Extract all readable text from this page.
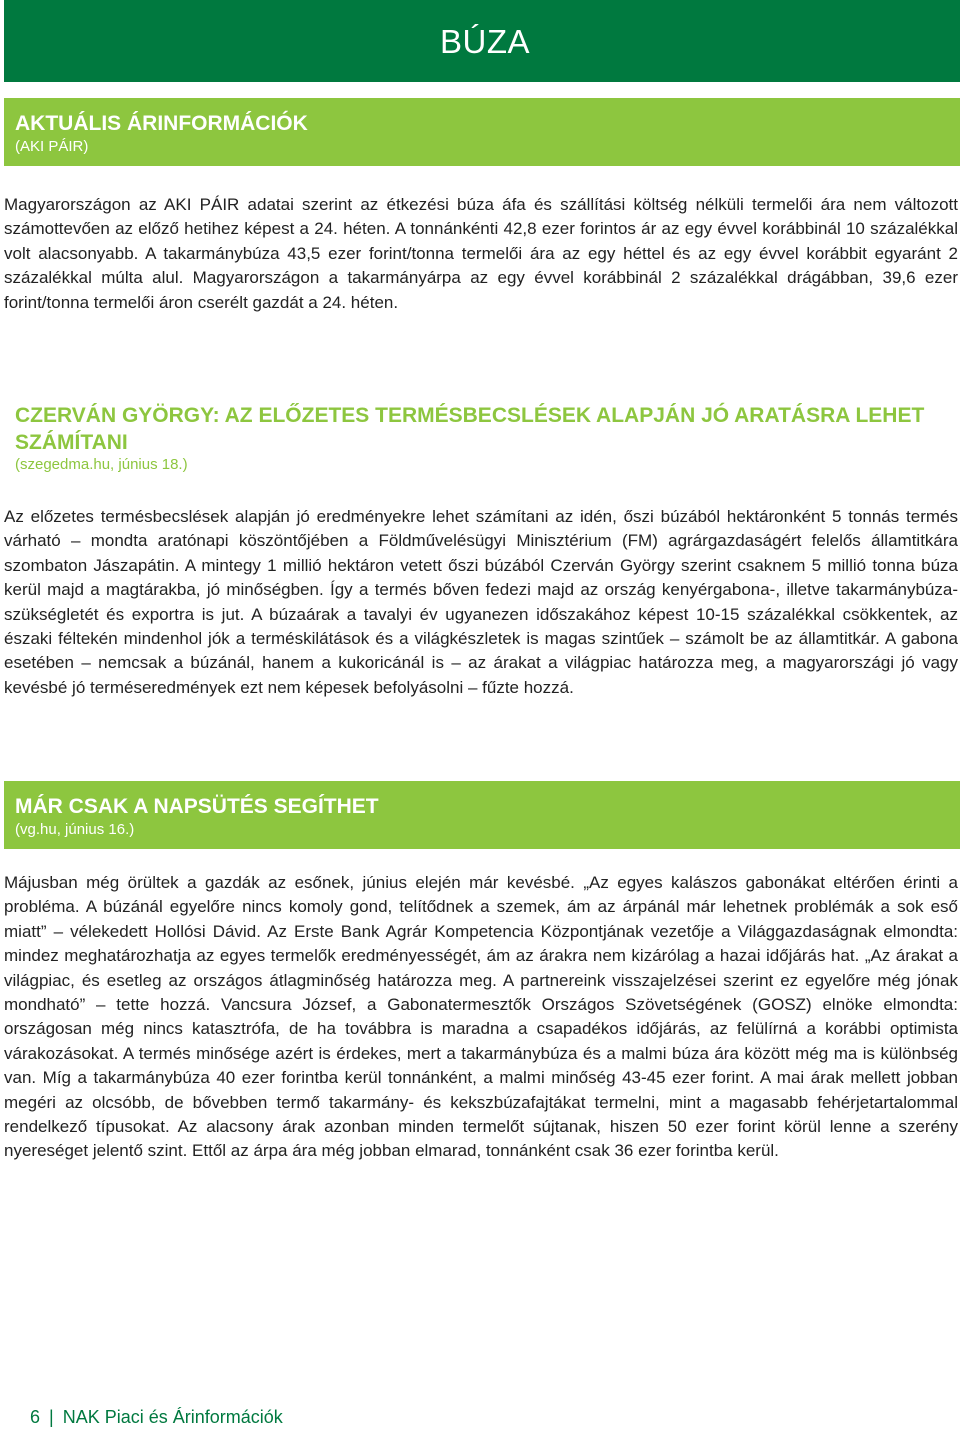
BÚZA
AKTUÁLIS ÁRINFORMÁCIÓK
(AKI PÁIR)

Magyarországon az AKI PÁIR adatai szerint az étkezési búza áfa és szállítási költség nélküli termelői ára nem változott számottevően az előző hetihez képest a 24. héten. A tonnánkénti 42,8 ezer forintos ár az egy évvel korábbinál 10 százalékkal volt alacsonyabb. A takarmánybúza 43,5 ezer forint/tonna termelői ára az egy héttel és az egy évvel korábbit egyaránt 2 százalékkal múlta alul. Magyarországon a takarmányárpa az egy évvel korábbinál 2 százalékkal drágábban, 39,6 ezer forint/tonna termelői áron cserélt gazdát a 24. héten.

CZERVÁN GYÖRGY: AZ ELŐZETES TERMÉSBECSLÉSEK ALAPJÁN JÓ ARATÁSRA LEHET SZÁMÍTANI
(szegedma.hu, június 18.)

Az előzetes termésbecslések alapján jó eredményekre lehet számítani az idén, őszi búzából hektáronként 5 tonnás termés várható – mondta aratónapi köszöntőjében a Földművelésügyi Minisztérium (FM) agrárgazdaságért felelős államtitkára szombaton Jászapátin. A mintegy 1 millió hektáron vetett őszi búzából Czerván György szerint csaknem 5 millió tonna búza kerül majd a magtárakba, jó minőségben. Így a termés bőven fedezi majd az ország kenyérgabona-, illetve takarmánybúza-szükségletét és exportra is jut. A búzaárak a tavalyi év ugyanezen időszakához képest 10-15 százalékkal csökkentek, az északi féltekén mindenhol jók a terméskilátások és a világkészletek is magas szintűek – számolt be az államtitkár. A gabona esetében – nemcsak a búzánál, hanem a kukoricánál is – az árakat a világpiac határozza meg, a magyarországi jó vagy kevésbé jó terméseredmények ezt nem képesek befolyásolni – fűzte hozzá.

MÁR CSAK A NAPSÜTÉS SEGÍTHET
(vg.hu, június 16.)

Májusban még örültek a gazdák az esőnek, június elején már kevésbé. „Az egyes kalászos gabonákat eltérően érinti a probléma. A búzánál egyelőre nincs komoly gond, telítődnek a szemek, ám az árpánál már lehetnek problémák a sok eső miatt” – vélekedett Hollósi Dávid. Az Erste Bank Agrár Kompetencia Központjának vezetője a Világgazdaságnak elmondta: mindez meghatározhatja az egyes termelők eredményességét, ám az árakra nem kizárólag a hazai időjárás hat. „Az árakat a világpiac, és esetleg az országos átlagminőség határozza meg. A partnereink visszajelzései szerint ez egyelőre még jónak mondható” – tette hozzá. Vancsura József, a Gabonatermesztők Országos Szövetségének (GOSZ) elnöke elmondta: országosan még nincs katasztrófa, de ha továbbra is maradna a csapadékos időjárás, az felülírná a korábbi optimista várakozásokat. A termés minősége azért is érdekes, mert a takarmánybúza és a malmi búza ára között még ma is különbség van. Míg a takarmánybúza 40 ezer forintba kerül tonnánként, a malmi minőség 43-45 ezer forint. A mai árak mellett jobban megéri az olcsóbb, de bővebben termő takarmány- és kekszbúzafajtákat termelni, mint a magasabb fehérjetartalommal rendelkező típusokat. Az alacsony árak azonban minden termelőt sújtanak, hiszen 50 ezer forint körül lenne a szerény nyereséget jelentő szint. Ettől az árpa ára még jobban elmarad, tonnánként csak 36 ezer forintba kerül.

6 | NAK Piaci és Árinformációk
